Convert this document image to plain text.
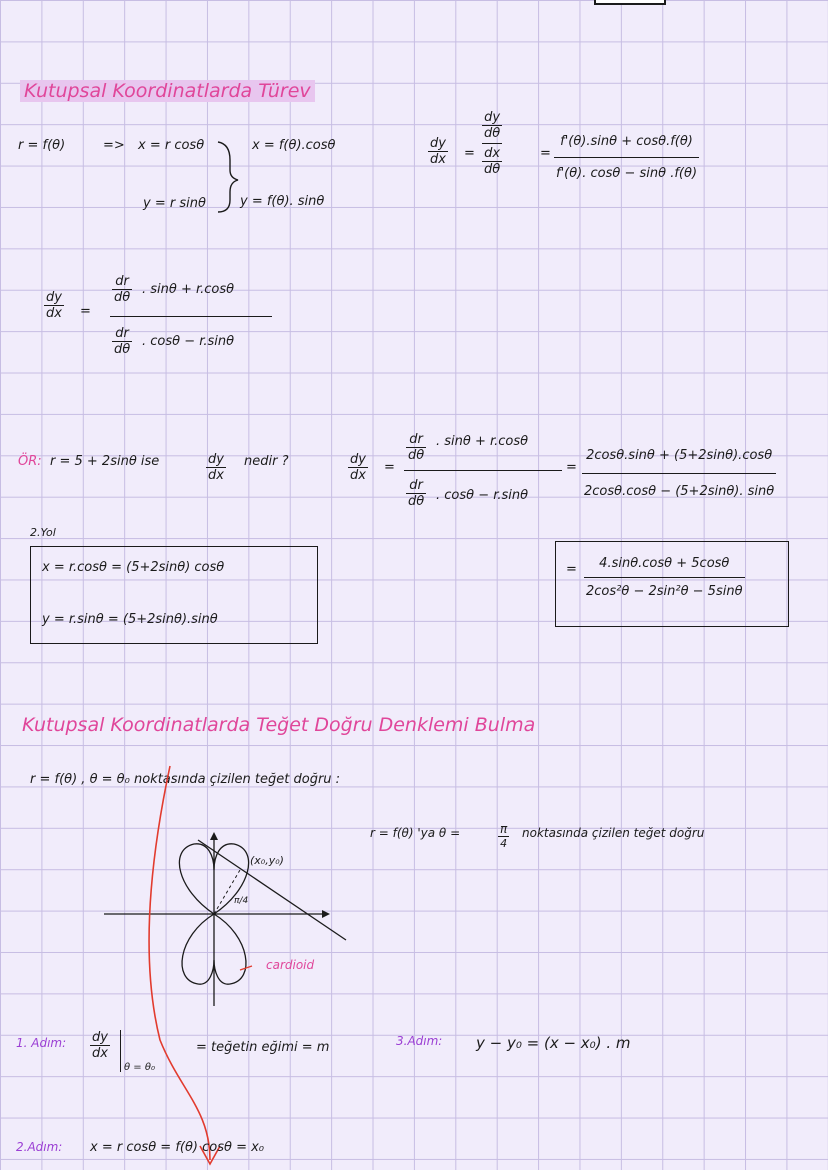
Kutupsal Koordinatlarda Türev
r = f(θ)	=> x = r cosθ
y = r sinθ
x = f(θ).cosθ
y = f(θ). sinθ
dy
dx =
dy
dθ
dx
dθ
=
f'(θ).sinθ + cosθ.f(θ)
f'(θ). cosθ − sinθ .f(θ)
dy
dx =
dr
dθ
. sinθ + r.cosθ
dr
dθ
. cosθ − r.sinθ
ÖR: r = 5 + 2sinθ ise	dy
dx
nedir ?	dy
dx
=
dr
dθ
. sinθ + r.cosθ
dr
dθ . cosθ − r.sinθ
=
2cosθ.sinθ + (5+2sinθ).cosθ
2cosθ.cosθ − (5+2sinθ). sinθ
= 4.sinθ.cosθ + 5cosθ
2cos²θ − 2sin²θ − 5sinθ
2.Yol
x = r.cosθ = (5+2sinθ) cosθ
y = r.sinθ = (5+2sinθ).sinθ
Kutupsal Koordinatlarda Teğet Doğru Denklemi Bulma
r = f(θ) , θ = θ₀ noktasında çizilen teğet doğru :
r = f(θ) 'ya θ =	π
4
noktasında çizilen teğet doğru
(x₀,y₀)
π/4
cardioid
1. Adım: dy
dx
θ = θ₀
= teğetin eğimi = m	3.Adım: y − y₀ = (x − x₀) . m
2.Adım: x = r cosθ = f(θ) cosθ = x₀
